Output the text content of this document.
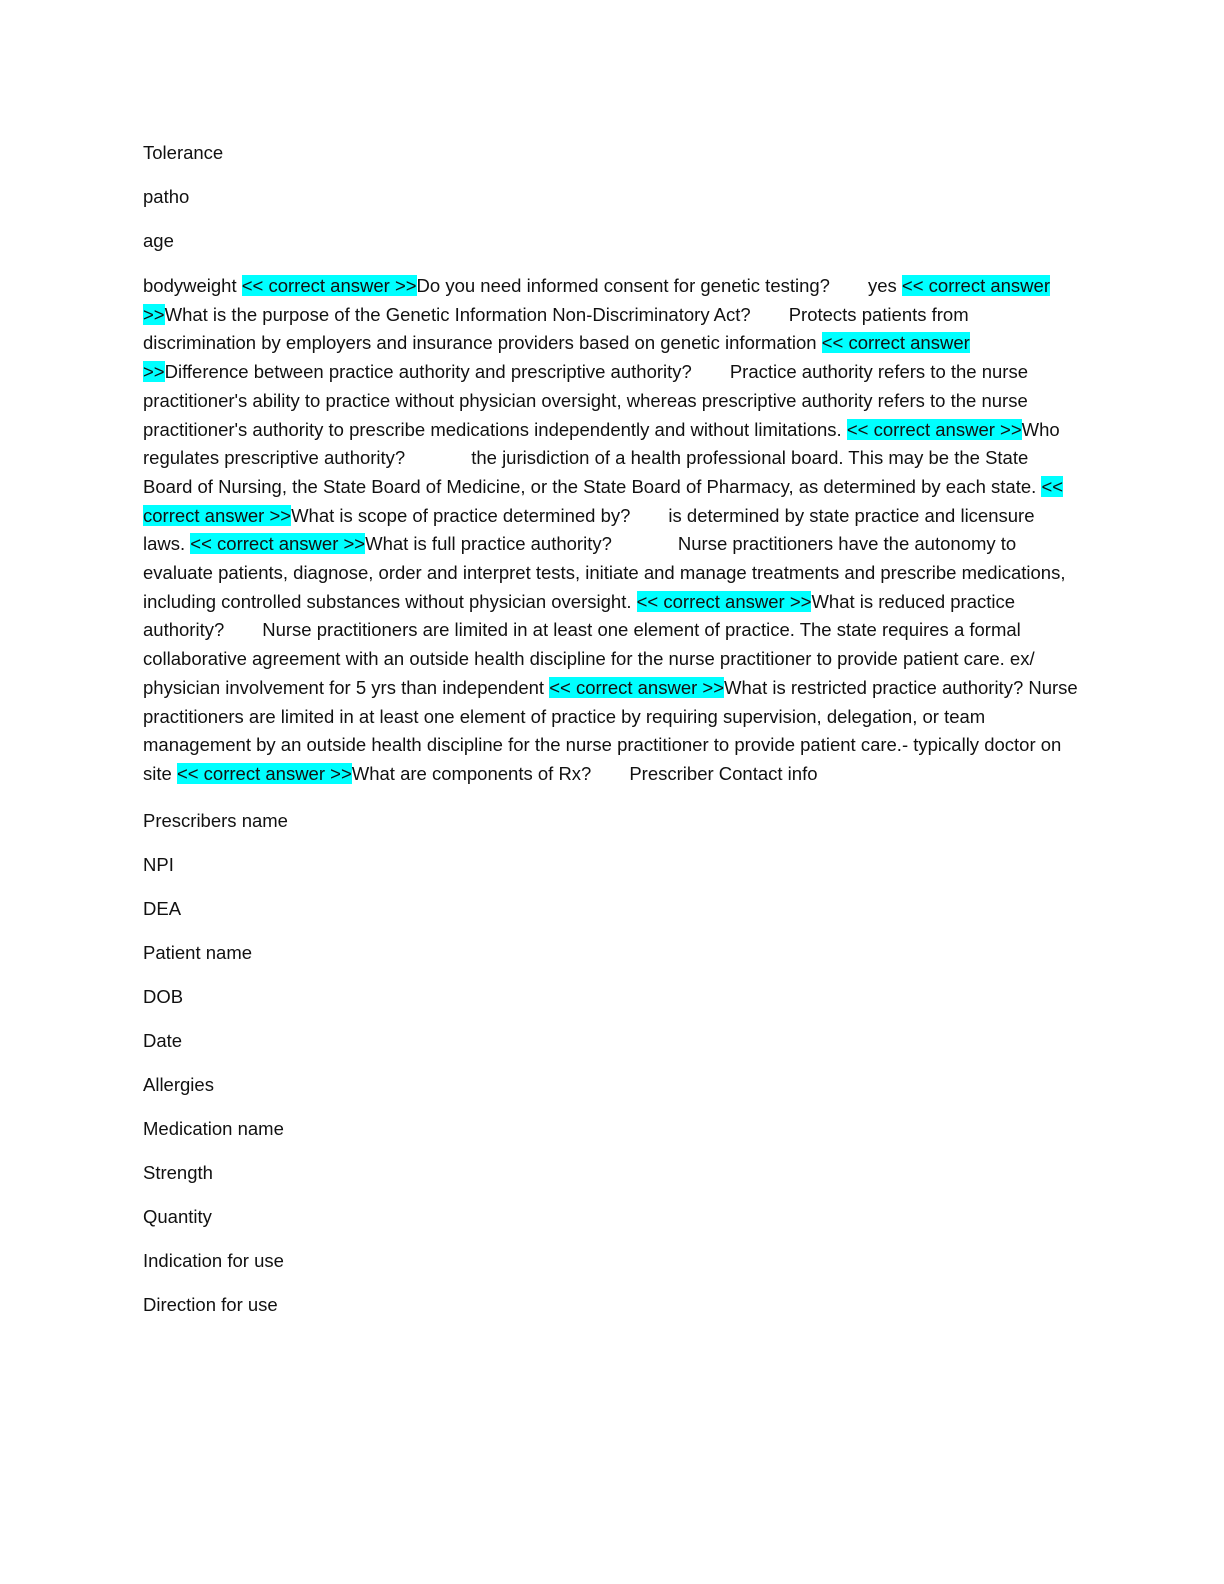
Tolerance

patho

age

bodyweight << correct answer >>Do you need informed consent for genetic testing? yes << correct answer >>What is the purpose of the Genetic Information Non-Discriminatory Act? Protects patients from discrimination by employers and insurance providers based on genetic information << correct answer >>Difference between practice authority and prescriptive authority? Practice authority refers to the nurse practitioner's ability to practice without physician oversight, whereas prescriptive authority refers to the nurse practitioner's authority to prescribe medications independently and without limitations. << correct answer >>Who regulates prescriptive authority?	the jurisdiction of a health professional board. This may be the State Board of Nursing, the State Board of Medicine, or the State Board of Pharmacy, as determined by each state. << correct answer >>What is scope of practice determined by? is determined by state practice and licensure laws. << correct answer >>What is full practice authority?	Nurse practitioners have the autonomy to evaluate patients, diagnose, order and interpret tests, initiate and manage treatments and prescribe medications, including controlled substances without physician oversight. << correct answer >>What is reduced practice authority? Nurse practitioners are limited in at least one element of practice. The state requires a formal collaborative agreement with an outside health discipline for the nurse practitioner to provide patient care. ex/ physician involvement for 5 yrs than independent << correct answer >>What is restricted practice authority? Nurse practitioners are limited in at least one element of practice by requiring supervision, delegation, or team management by an outside health discipline for the nurse practitioner to provide patient care.- typically doctor on site << correct answer >>What are components of Rx? Prescriber Contact info

Prescribers name

NPI

DEA

Patient name

DOB

Date

Allergies

Medication name

Strength

Quantity

Indication for use

Direction for use
